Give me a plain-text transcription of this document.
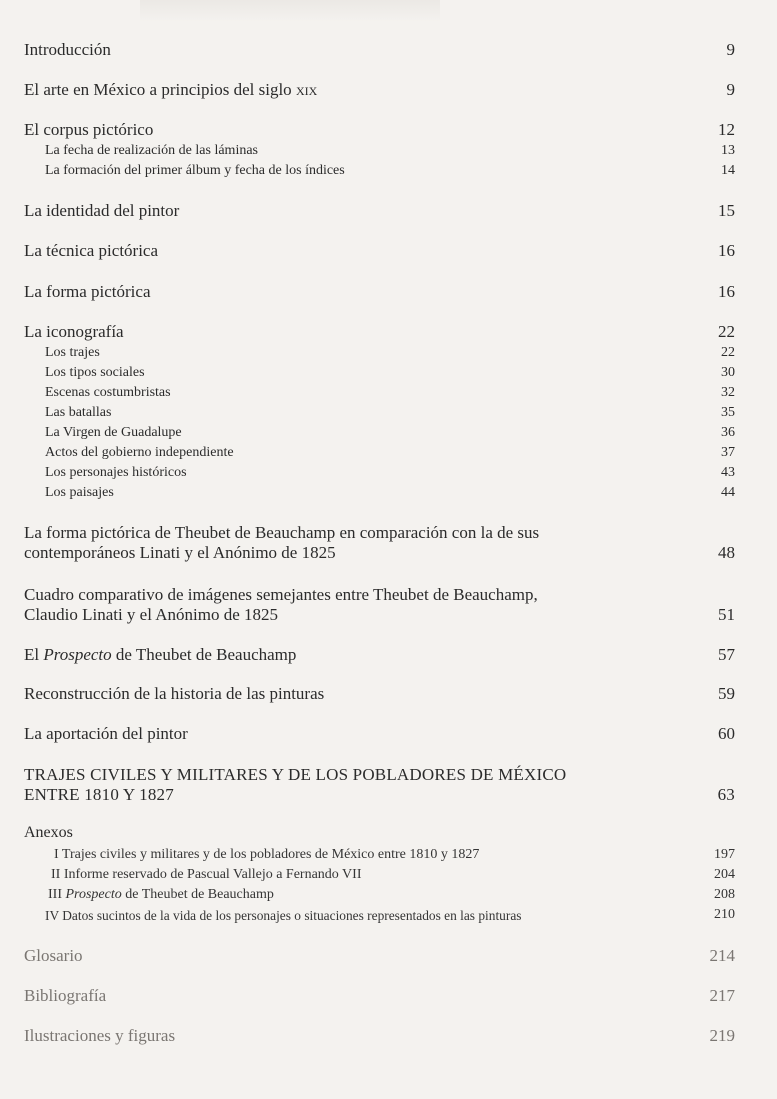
Introducción	9
El arte en México a principios del siglo xix	9
El corpus pictórico	12
La fecha de realización de las láminas	13
La formación del primer álbum y fecha de los índices	14
La identidad del pintor	15
La técnica pictórica	16
La forma pictórica	16
La iconografía	22
Los trajes	22
Los tipos sociales	30
Escenas costumbristas	32
Las batallas	35
La Virgen de Guadalupe	36
Actos del gobierno independiente	37
Los personajes históricos	43
Los paisajes	44
La forma pictórica de Theubet de Beauchamp en comparación con la de sus
contemporáneos Linati y el Anónimo de 1825	48
Cuadro comparativo de imágenes semejantes entre Theubet de Beauchamp,
Claudio Linati y el Anónimo de 1825	51
El Prospecto de Theubet de Beauchamp	57
Reconstrucción de la historia de las pinturas	59
La aportación del pintor	60
TRAJES CIVILES Y MILITARES Y DE LOS POBLADORES DE MÉXICO
ENTRE 1810 Y 1827	63
Anexos
I Trajes civiles y militares y de los pobladores de México entre 1810 y 1827	197
II Informe reservado de Pascual Vallejo a Fernando VII	204
III Prospecto de Theubet de Beauchamp	208
IV Datos sucintos de la vida de los personajes o situaciones representados en las pinturas	210
Glosario	214
Bibliografía	217
Ilustraciones y figuras	219
